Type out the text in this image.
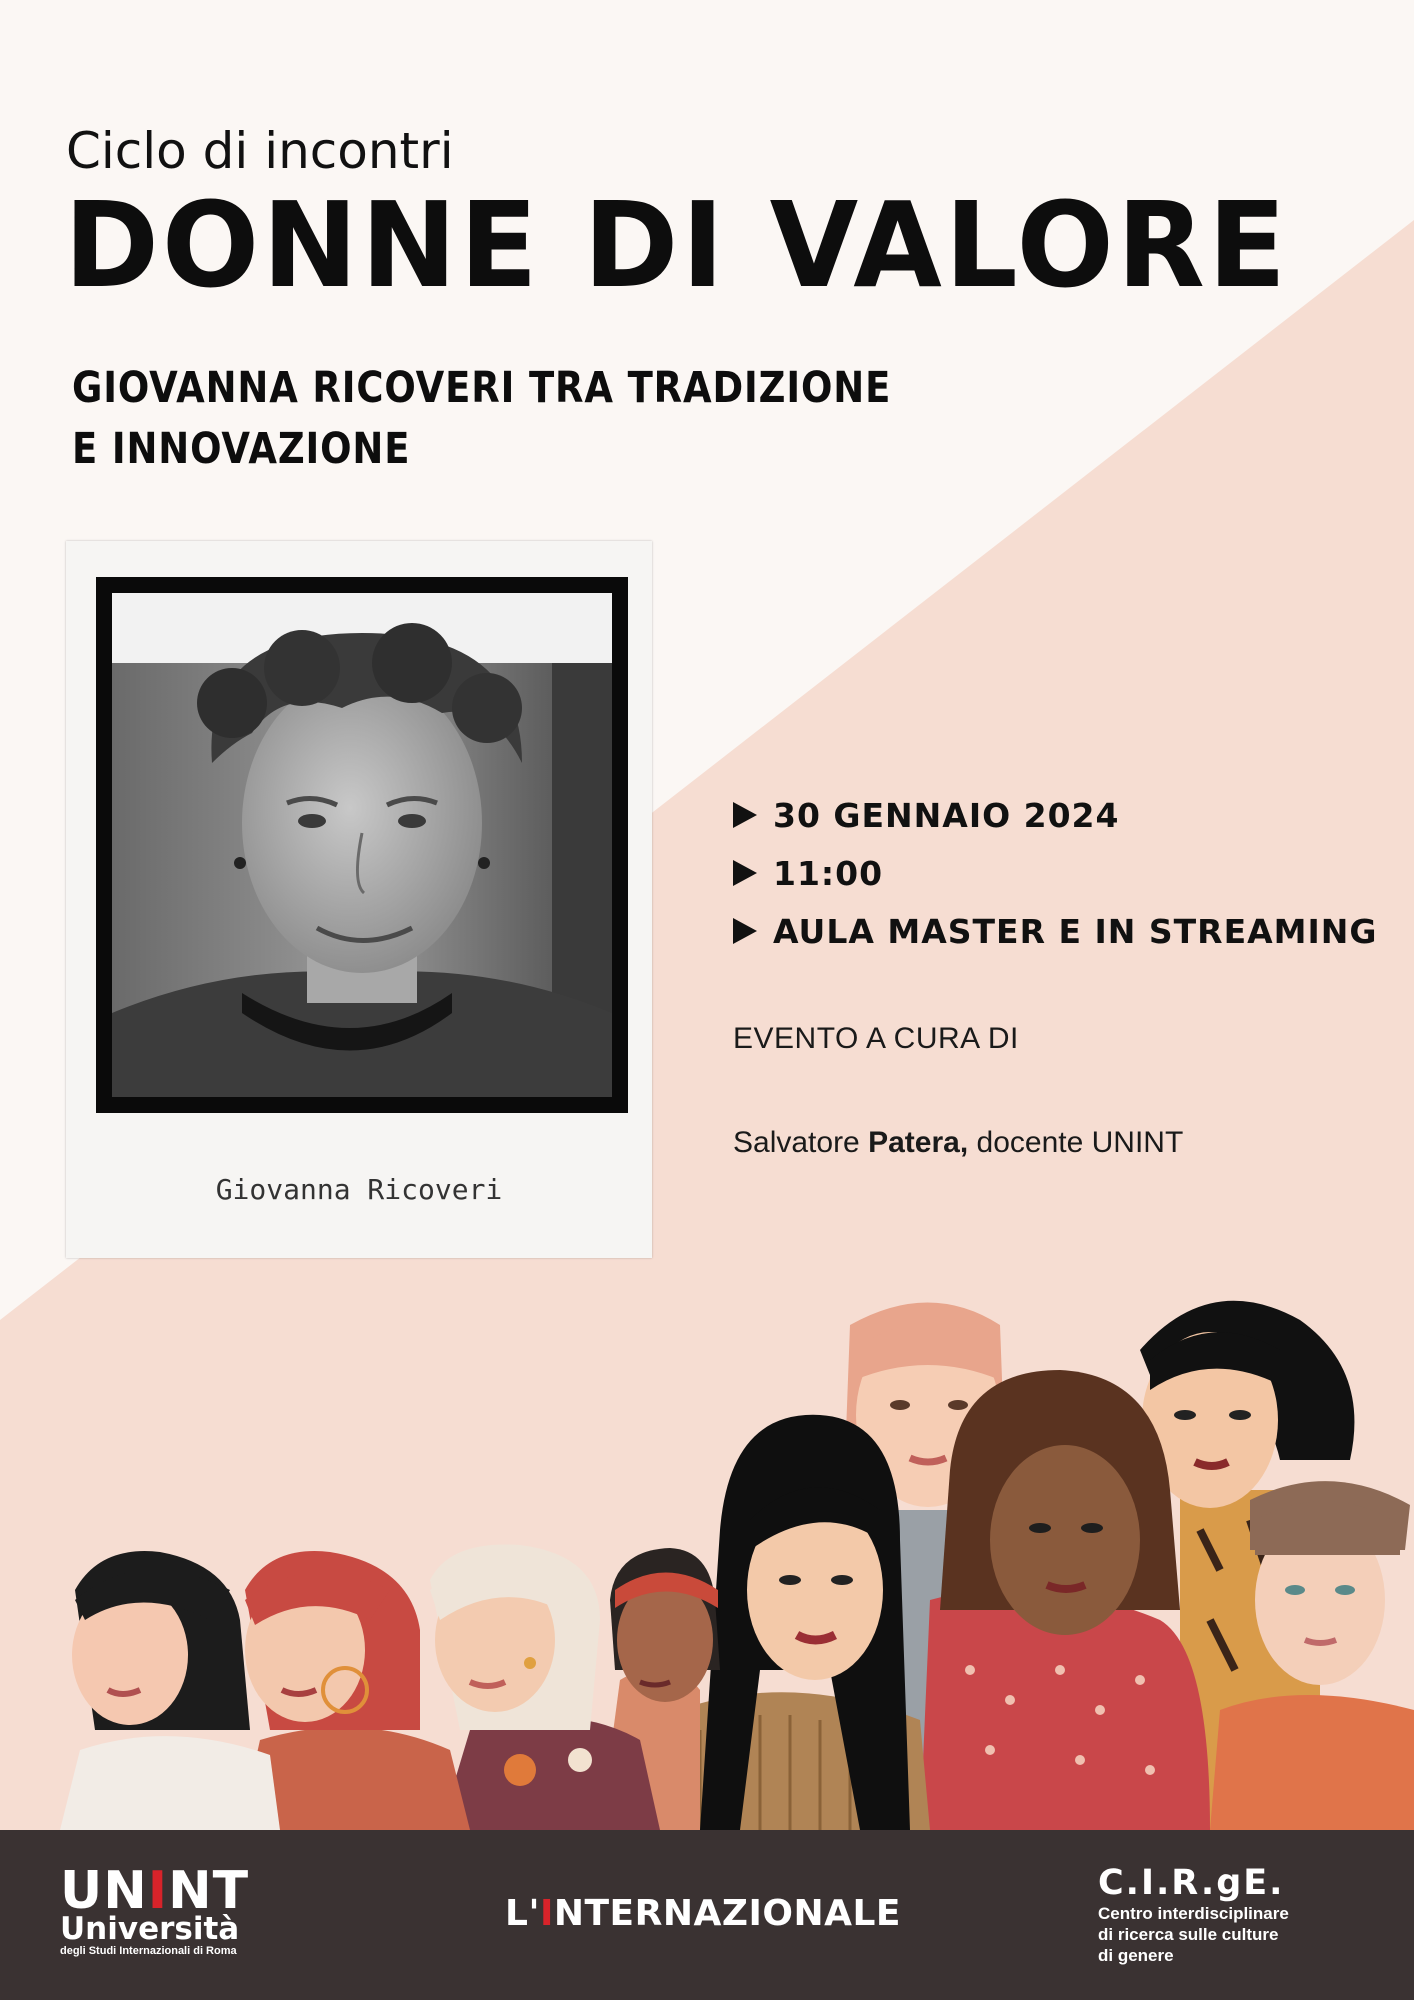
Ciclo di incontri
DONNE DI VALORE
GIOVANNA RICOVERI TRA TRADIZIONE
E INNOVAZIONE
Giovanna Ricoveri
30 GENNAIO 2024
11:00
AULA MASTER E IN STREAMING
EVENTO A CURA DI
Salvatore Patera, docente UNINT
UNINT
Università
degli Studi Internazionali di Roma
L'INTERNAZIONALE
C.I.R.gE.
Centro interdisciplinare
di ricerca sulle culture
di genere
